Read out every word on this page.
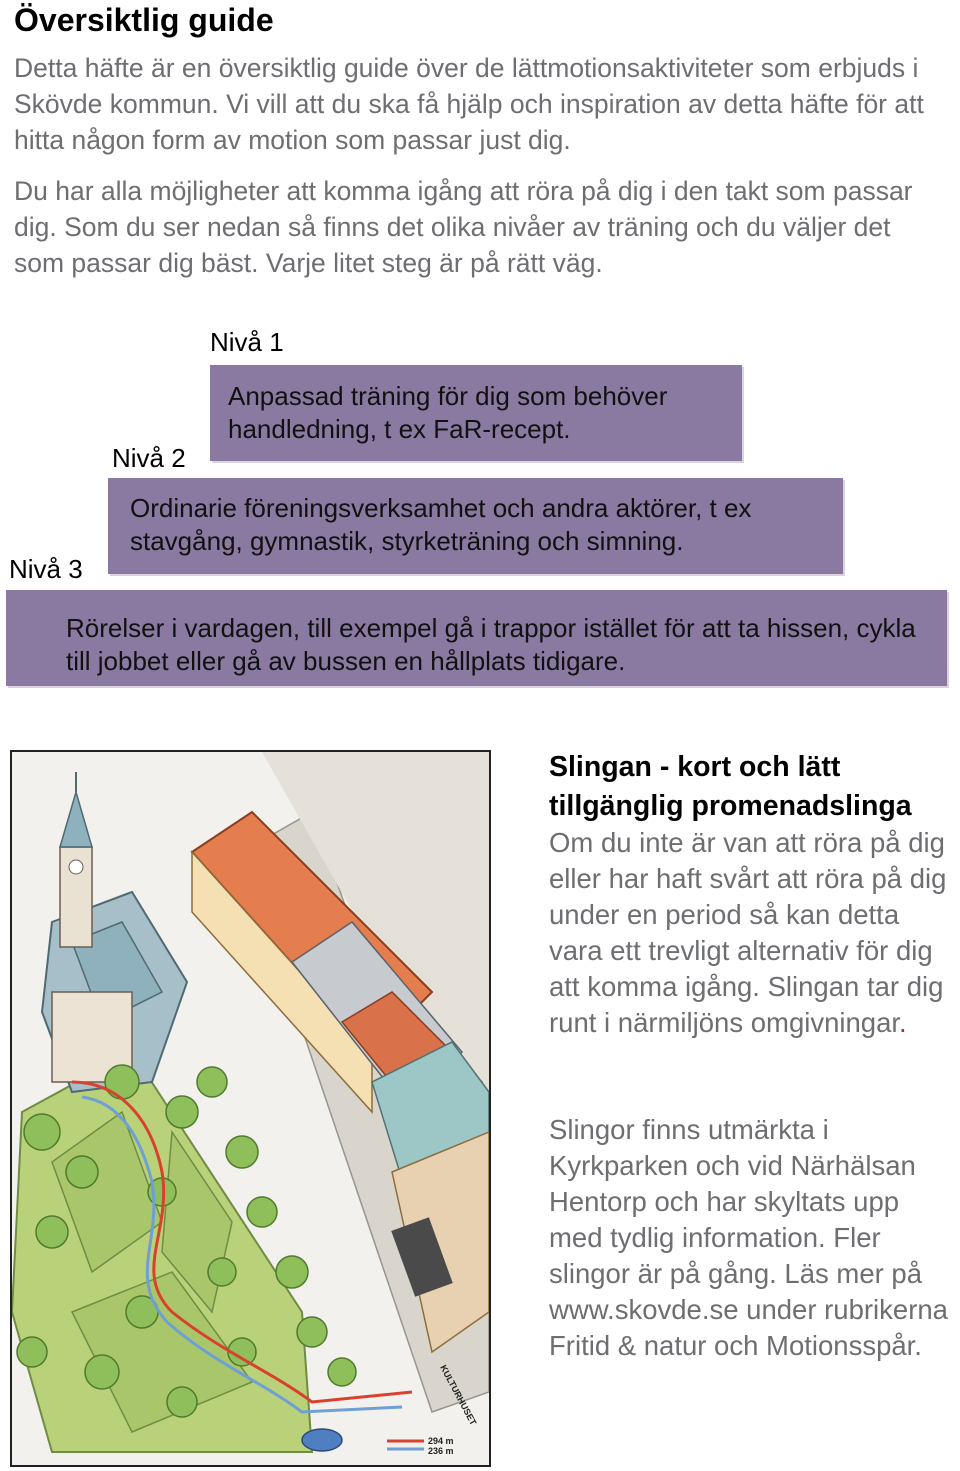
Översiktlig guide

Detta häfte är en översiktlig guide över de lättmotionsaktiviteter som erbjuds i Skövde kommun. Vi vill att du ska få hjälp och inspiration av detta häfte för att hitta någon form av motion som passar just dig.

Du har alla möjligheter att komma igång att röra på dig i den takt som passar dig. Som du ser nedan så finns det olika nivåer av träning och du väljer det som passar dig bäst. Varje litet steg är på rätt väg.

Nivå 1

Anpassad träning för dig som behöver handledning, t ex FaR-recept.

Nivå 2

Ordinarie föreningsverksamhet och andra aktörer, t ex stavgång, gymnastik, styrketräning och simning.

Nivå 3

Rörelser i vardagen, till exempel gå i trappor istället för att ta hissen, cykla till jobbet eller gå av bussen en hållplats tidigare.

KULTURHUSET
294 m
236 m
Slingan - kort och lätt tillgänglig promenadslinga

Om du inte är van att röra på dig eller har haft svårt att röra på dig under en period så kan detta vara ett trevligt alternativ för dig att komma igång. Slingan tar dig runt i närmiljöns omgivningar.

Slingor finns utmärkta i Kyrkparken och vid Närhälsan Hentorp och har skyltats upp med tydlig information. Fler slingor är på gång. Läs mer på www.skovde.se under rubrikerna Fritid & natur och Motionsspår.
